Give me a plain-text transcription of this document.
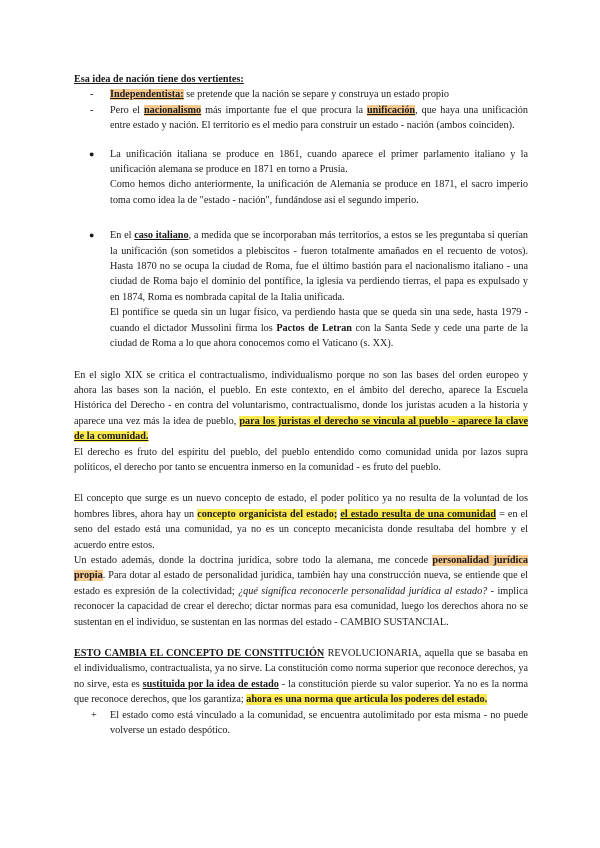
Esa idea de nación tiene dos vertientes:

- Independentista: se pretende que la nación se separe y construya un estado propio

- Pero el nacionalismo más importante fue el que procura la unificación, que haya una unificación entre estado y nación. El territorio es el medio para construir un estado - nación (ambos coinciden).

● La unificación italiana se produce en 1861, cuando aparece el primer parlamento italiano y la unificación alemana se produce en 1871 en torno a Prusia.

Como hemos dicho anteriormente, la unificación de Alemania se produce en 1871, el sacro imperio toma como idea la de "estado - nación", fundándose así el segundo imperio.

● En el caso italiano, a medida que se incorporaban más territorios, a estos se les preguntaba si querían la unificación (son sometidos a plebiscitos - fueron totalmente amañados en el recuento de votos). Hasta 1870 no se ocupa la ciudad de Roma, fue el último bastión para el nacionalismo italiano - una ciudad de Roma bajo el dominio del pontífice, la iglesia va perdiendo tierras, el papa es expulsado y en 1874, Roma es nombrada capital de la Italia unificada.

El pontífice se queda sin un lugar físico, va perdiendo hasta que se queda sin una sede, hasta 1979 - cuando el dictador Mussolini firma los Pactos de Letran con la Santa Sede y cede una parte de la ciudad de Roma a lo que ahora conocemos como el Vaticano (s. XX).

En el siglo XIX se critica el contractualismo, individualismo porque no son las bases del orden europeo y ahora las bases son la nación, el pueblo. En este contexto, en el ámbito del derecho, aparece la Escuela Histórica del Derecho - en contra del voluntarismo, contractualismo, donde los juristas acuden a la historia y aparece una vez más la idea de pueblo, para los juristas el derecho se vincula al pueblo - aparece la clave de la comunidad.

El derecho es fruto del espíritu del pueblo, del pueblo entendido como comunidad unida por lazos supra políticos, el derecho por tanto se encuentra inmerso en la comunidad - es fruto del pueblo.

El concepto que surge es un nuevo concepto de estado, el poder político ya no resulta de la voluntad de los hombres libres, ahora hay un concepto organicista del estado; el estado resulta de una comunidad = en el seno del estado está una comunidad, ya no es un concepto mecanicista donde resultaba del hombre y el acuerdo entre estos.

Un estado además, donde la doctrina jurídica, sobre todo la alemana, me concede personalidad jurídica propia. Para dotar al estado de personalidad jurídica, también hay una construcción nueva, se entiende que el estado es expresión de la colectividad; ¿qué significa reconocerle personalidad jurídica al estado? - implica reconocer la capacidad de crear el derecho; dictar normas para esa comunidad, luego los derechos ahora no se sustentan en el individuo, se sustentan en las normas del estado - CAMBIO SUSTANCIAL.

ESTO CAMBIA EL CONCEPTO DE CONSTITUCIÓN REVOLUCIONARIA, aquella que se basaba en el individualismo, contractualista, ya no sirve. La constitución como norma superior que reconoce derechos, ya no sirve, esta es sustituida por la idea de estado - la constitución pierde su valor superior. Ya no es la norma que reconoce derechos, que los garantiza; ahora es una norma que articula los poderes del estado.

+ El estado como está vinculado a la comunidad, se encuentra autolimitado por esta misma - no puede volverse un estado despótico.
